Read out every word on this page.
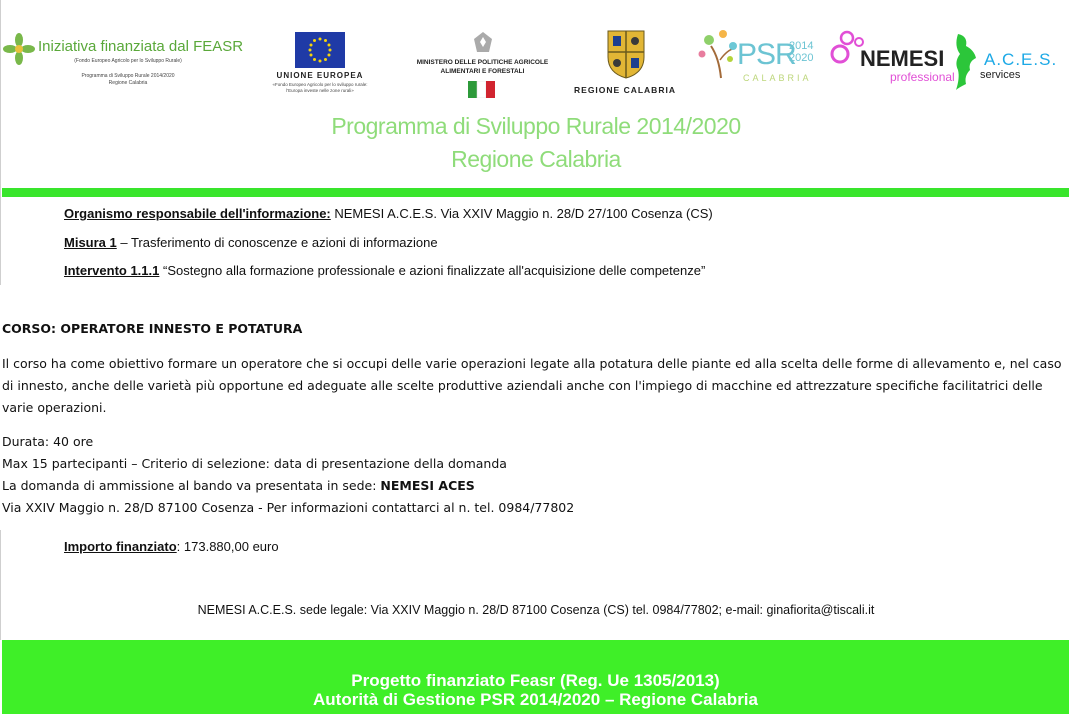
Iniziativa finanziata dal FEASR
(Fondo Europeo Agricolo per lo Sviluppo Rurale)
Programma di Sviluppo Rurale 2014/2020
Regione Calabria
UNIONE EUROPEA
«Fondo Europeo Agricolo per lo sviluppo rurale:
l'Europa investe nelle zone rurali»
MINISTERO DELLE POLITICHE AGRICOLE
ALIMENTARI E FORESTALI
REGIONE CALABRIA
PSR
2014
2020
CALABRIA
NEMESI
professional
A.C.E.S.
services
Programma di Sviluppo Rurale 2014/2020
Regione Calabria
Organismo responsabile dell'informazione: NEMESI A.C.E.S. Via XXIV Maggio n. 28/D 27/100 Cosenza (CS)
Misura 1 – Trasferimento di conoscenze e azioni di informazione
Intervento 1.1.1 “Sostegno alla formazione professionale e azioni finalizzate all'acquisizione delle competenze”
CORSO: OPERATORE INNESTO E POTATURA
Il corso ha come obiettivo formare un operatore che si occupi delle varie operazioni legate alla potatura delle piante ed alla scelta delle forme di allevamento e, nel caso di innesto, anche delle varietà più opportune ed adeguate alle scelte produttive aziendali anche con l'impiego di macchine ed attrezzature specifiche facilitatrici delle varie operazioni.
Durata: 40 ore
Max 15 partecipanti – Criterio di selezione: data di presentazione della domanda
La domanda di ammissione al bando va presentata in sede: NEMESI ACES
Via XXIV Maggio n. 28/D 87100 Cosenza - Per informazioni contattarci al n. tel. 0984/77802
Importo finanziato: 173.880,00 euro
NEMESI A.C.E.S. sede legale: Via XXIV Maggio n. 28/D 87100 Cosenza (CS) tel. 0984/77802; e-mail: ginafiorita@tiscali.it
Progetto finanziato Feasr (Reg. Ue 1305/2013)
Autorità di Gestione PSR 2014/2020 – Regione Calabria
